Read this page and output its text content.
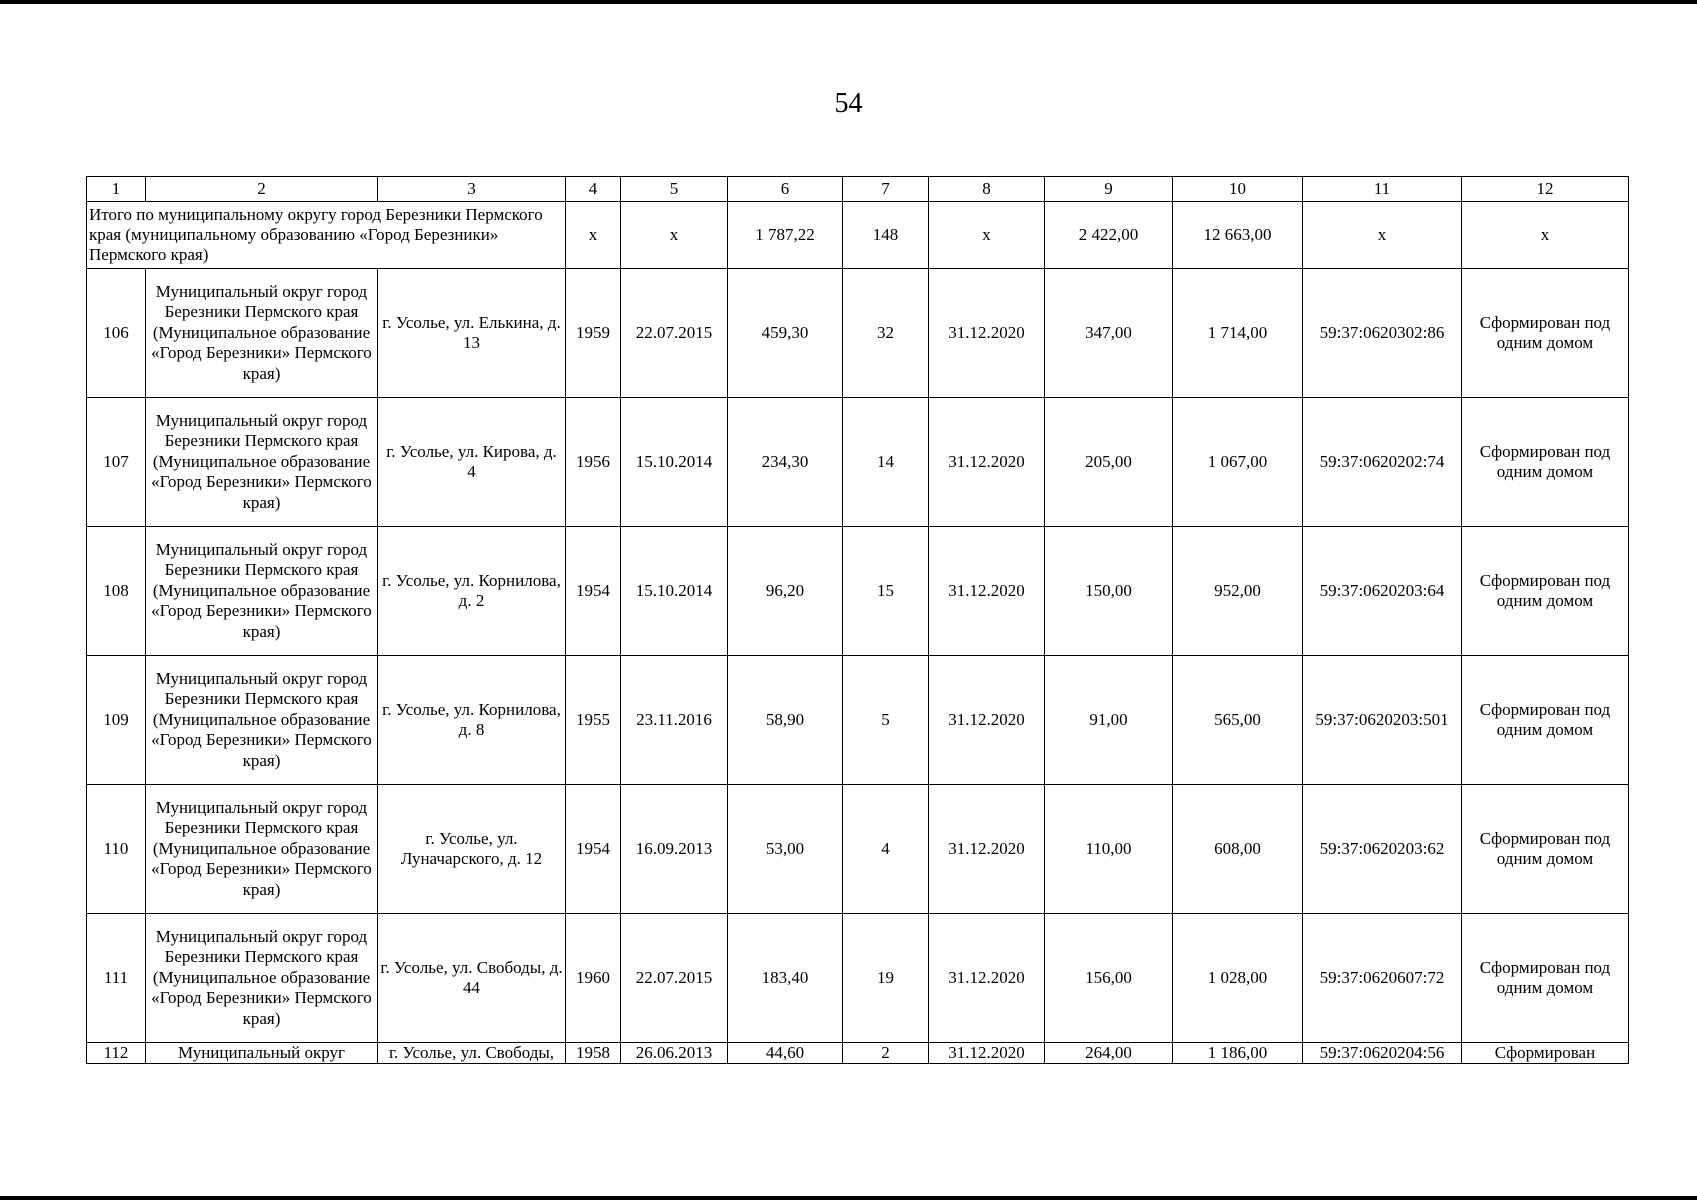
54
1	2	3	4	5	6	7	8	9	10	11	12
Итого по муниципальному округу город Березники Пермского края (муниципальному образованию «Город Березники» Пермского края)			х	х	1 787,22	148	х	2 422,00	12 663,00	х	х
106	Муниципальный округ город Березники Пермского края (Муниципальное образование «Город Березники» Пермского края)	г. Усолье, ул. Елькина, д. 13	1959	22.07.2015	459,30	32	31.12.2020	347,00	1 714,00	59:37:0620302:86	Сформирован под одним домом
107	Муниципальный округ город Березники Пермского края (Муниципальное образование «Город Березники» Пермского края)	г. Усолье, ул. Кирова, д. 4	1956	15.10.2014	234,30	14	31.12.2020	205,00	1 067,00	59:37:0620202:74	Сформирован под одним домом
108	Муниципальный округ город Березники Пермского края (Муниципальное образование «Город Березники» Пермского края)	г. Усолье, ул. Корнилова, д. 2	1954	15.10.2014	96,20	15	31.12.2020	150,00	952,00	59:37:0620203:64	Сформирован под одним домом
109	Муниципальный округ город Березники Пермского края (Муниципальное образование «Город Березники» Пермского края)	г. Усолье, ул. Корнилова, д. 8	1955	23.11.2016	58,90	5	31.12.2020	91,00	565,00	59:37:0620203:501	Сформирован под одним домом
110	Муниципальный округ город Березники Пермского края (Муниципальное образование «Город Березники» Пермского края)	г. Усолье, ул. Луначарского, д. 12	1954	16.09.2013	53,00	4	31.12.2020	110,00	608,00	59:37:0620203:62	Сформирован под одним домом
111	Муниципальный округ город Березники Пермского края (Муниципальное образование «Город Березники» Пермского края)	г. Усолье, ул. Свободы, д. 44	1960	22.07.2015	183,40	19	31.12.2020	156,00	1 028,00	59:37:0620607:72	Сформирован под одним домом
112	Муниципальный округ	г. Усолье, ул. Свободы,	1958	26.06.2013	44,60	2	31.12.2020	264,00	1 186,00	59:37:0620204:56	Сформирован
